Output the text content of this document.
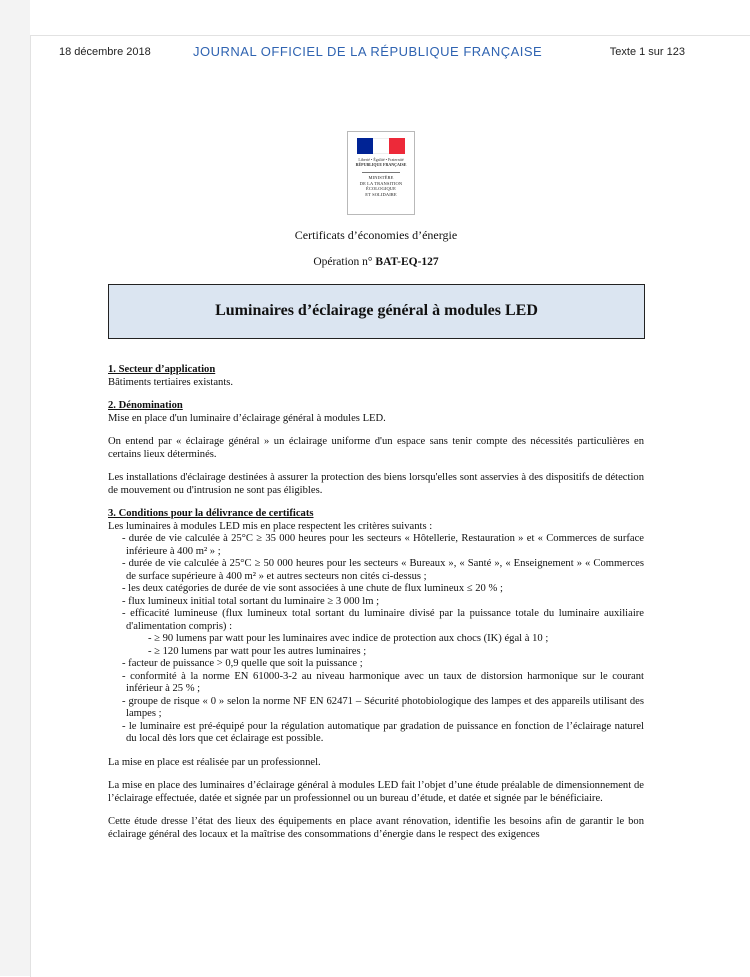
18 décembre 2018	JOURNAL OFFICIEL DE LA RÉPUBLIQUE FRANÇAISE	Texte 1 sur 123
Liberté • Égalité • Fraternité
RÉPUBLIQUE FRANÇAISE
MINISTÈRE
DE LA TRANSITION
ÉCOLOGIQUE
ET SOLIDAIRE
Certificats d’économies d’énergie
Opération n° BAT-EQ-127
Luminaires d’éclairage général à modules LED

1. Secteur d’application

Bâtiments tertiaires existants.

2. Dénomination

Mise en place d'un luminaire d’éclairage général à modules LED.

On entend par « éclairage général » un éclairage uniforme d'un espace sans tenir compte des nécessités particulières en certains lieux déterminés.

Les installations d'éclairage destinées à assurer la protection des biens lorsqu'elles sont asservies à des dispositifs de détection de mouvement ou d'intrusion ne sont pas éligibles.

3. Conditions pour la délivrance de certificats

Les luminaires à modules LED mis en place respectent les critères suivants :

- durée de vie calculée à 25°C ≥ 35 000 heures pour les secteurs « Hôtellerie, Restauration » et « Commerces de surface inférieure à 400 m² » ;

- durée de vie calculée à 25°C ≥ 50 000 heures pour les secteurs « Bureaux », « Santé », « Enseignement » « Commerces de surface supérieure à 400 m² » et autres secteurs non cités ci-dessus ;

- les deux catégories de durée de vie sont associées à une chute de flux lumineux ≤ 20 % ;

- flux lumineux initial total sortant du luminaire ≥ 3 000 lm ;

- efficacité lumineuse (flux lumineux total sortant du luminaire divisé par la puissance totale du luminaire auxiliaire d'alimentation compris) :

- ≥ 90 lumens par watt pour les luminaires avec indice de protection aux chocs (IK) égal à 10 ;

- ≥ 120 lumens par watt pour les autres luminaires ;

- facteur de puissance > 0,9 quelle que soit la puissance ;

- conformité à la norme EN 61000-3-2 au niveau harmonique avec un taux de distorsion harmonique sur le courant inférieur à 25 % ;

- groupe de risque « 0 » selon la norme NF EN 62471 – Sécurité photobiologique des lampes et des appareils utilisant des lampes ;

- le luminaire est pré-équipé pour la régulation automatique par gradation de puissance en fonction de l’éclairage naturel du local dès lors que cet éclairage est possible.

La mise en place est réalisée par un professionnel.

La mise en place des luminaires d’éclairage général à modules LED fait l’objet d’une étude préalable de dimensionnement de l’éclairage effectuée, datée et signée par un professionnel ou un bureau d’étude, et datée et signée par le bénéficiaire.

Cette étude dresse l’état des lieux des équipements en place avant rénovation, identifie les besoins afin de garantir le bon éclairage général des locaux et la maîtrise des consommations d’énergie dans le respect des exigences
